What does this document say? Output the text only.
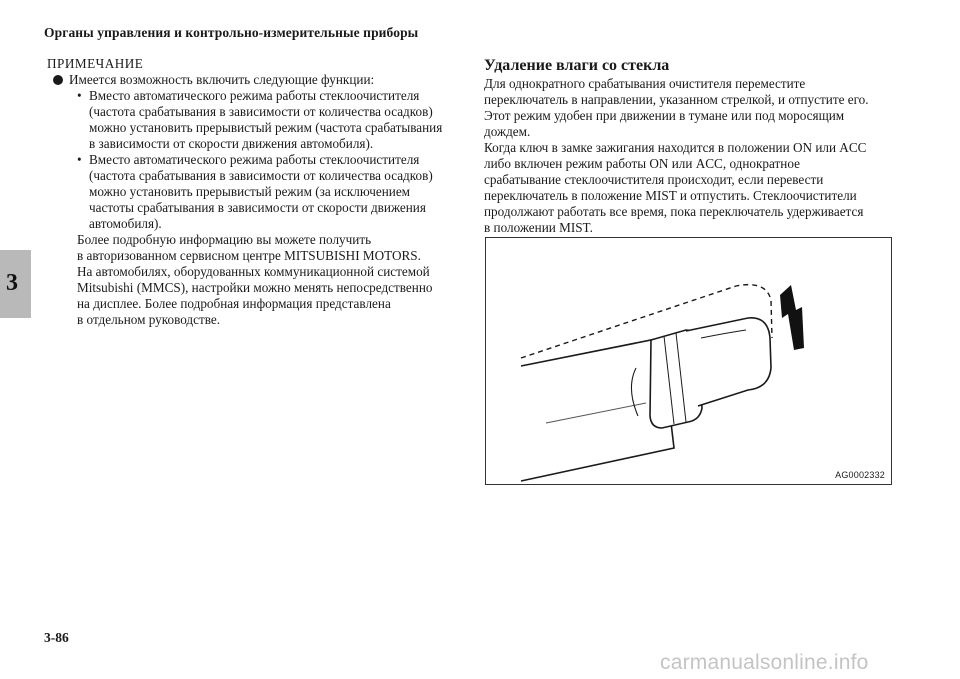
Органы управления и контрольно-измерительные приборы
3
ПРИМЕЧАНИЕ
Имеется возможность включить следующие функции:
• Вместо автоматического режима работы стеклоочистителя
(частота срабатывания в зависимости от количества осадков)
можно установить прерывистый режим (частота срабатывания
в зависимости от скорости движения автомобиля).
• Вместо автоматического режима работы стеклоочистителя
(частота срабатывания в зависимости от количества осадков)
можно установить прерывистый режим (за исключением
частоты срабатывания в зависимости от скорости движения
автомобиля).
Более подробную информацию вы можете получить
в авторизованном сервисном центре MITSUBISHI MOTORS.
На автомобилях, оборудованных коммуникационной системой
Mitsubishi (MMCS), настройки можно менять непосредственно
на дисплее. Более подробная информация представлена
в отдельном руководстве.
Удаление влаги со стекла
Для однократного срабатывания очистителя переместите
переключатель в направлении, указанном стрелкой, и отпустите его.
Этот режим удобен при движении в тумане или под моросящим
дождем.
Когда ключ в замке зажигания находится в положении ON или ACC
либо включен режим работы ON или ACC, однократное
срабатывание стеклоочистителя происходит, если перевести
переключатель в положение MIST и отпустить. Стеклоочистители
продолжают работать все время, пока переключатель удерживается
в положении MIST.
AG0002332
3-86
carmanualsonline.info
